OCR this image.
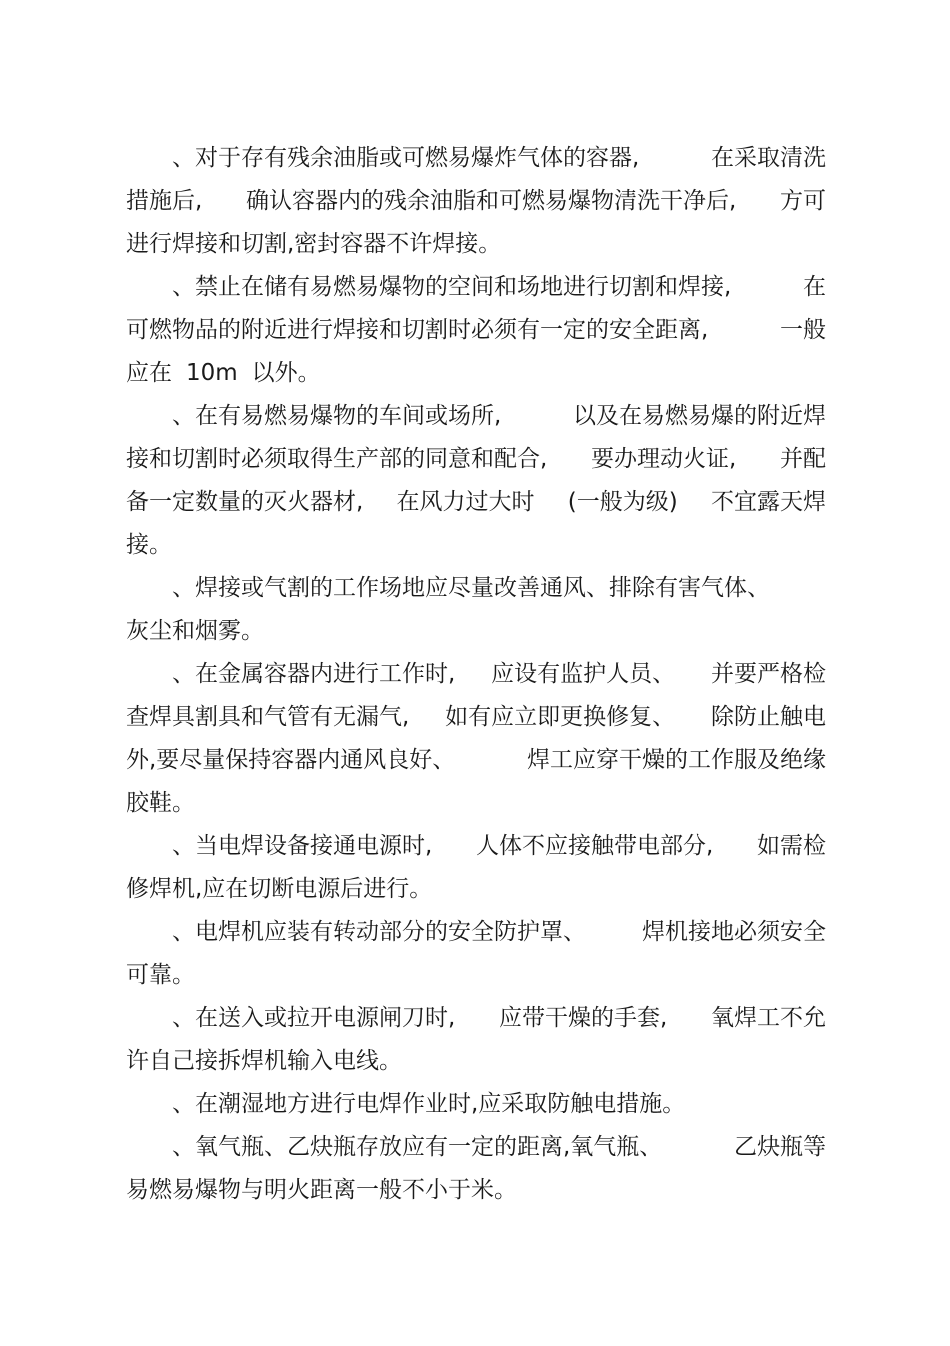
、对于存有残余油脂或可燃易爆炸气体的容器,	在采取清洗
措施后, 确认容器内的残余油脂和可燃易爆物清洗干净后, 方可
进行焊接和切割,密封容器不许焊接。
、禁止在储有易燃易爆物的空间和场地进行切割和焊接,	在
可燃物品的附近进行焊接和切割时必须有一定的安全距离,	一般
应在 10m 以外。
、在有易燃易爆物的车间或场所,	以及在易燃易爆的附近焊
接和切割时必须取得生产部的同意和配合, 要办理动火证, 并配
备一定数量的灭火器材, 在风力过大时 (一般为级) 不宜露天焊
接。
、焊接或气割的工作场地应尽量改善通风、排除有害气体、
灰尘和烟雾。
、在金属容器内进行工作时, 应设有监护人员、 并要严格检
查焊具割具和气管有无漏气, 如有应立即更换修复、 除防止触电
外,要尽量保持容器内通风良好、	焊工应穿干燥的工作服及绝缘
胶鞋。
、当电焊设备接通电源时, 人体不应接触带电部分, 如需检
修焊机,应在切断电源后进行。
、电焊机应装有转动部分的安全防护罩、 焊机接地必须安全
可靠。
、在送入或拉开电源闸刀时, 应带干燥的手套, 氧焊工不允
许自己接拆焊机输入电线。
、在潮湿地方进行电焊作业时,应采取防触电措施。
、氧气瓶、乙炔瓶存放应有一定的距离,氧气瓶、	乙炔瓶等
易燃易爆物与明火距离一般不小于米。
